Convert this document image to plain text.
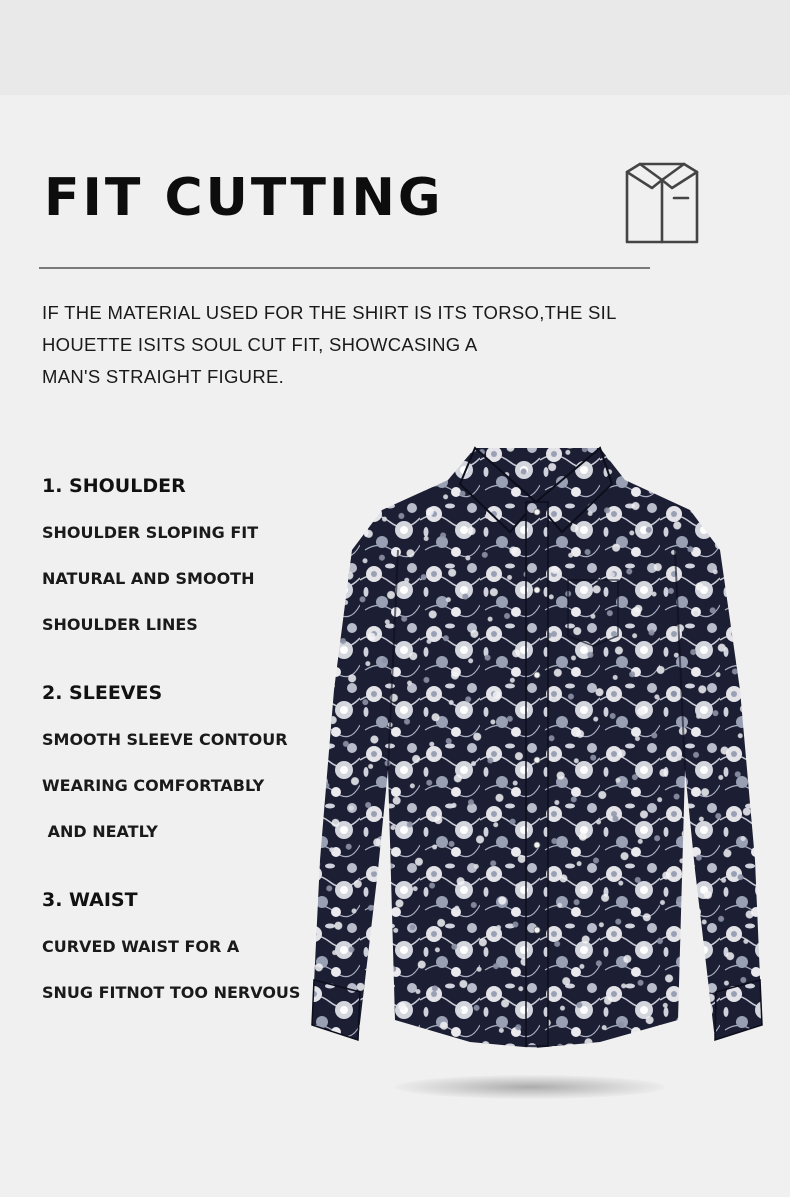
FIT CUTTING
IF THE MATERIAL USED FOR THE SHIRT IS ITS TORSO,THE SIL
HOUETTE ISITS SOUL CUT FIT, SHOWCASING A
MAN'S STRAIGHT FIGURE.
1. SHOULDER
SHOULDER SLOPING FIT
NATURAL AND SMOOTH
SHOULDER LINES
2. SLEEVES
SMOOTH SLEEVE CONTOUR
WEARING COMFORTABLY
AND NEATLY
3. WAIST
CURVED WAIST FOR A
SNUG FITNOT TOO NERVOUS
